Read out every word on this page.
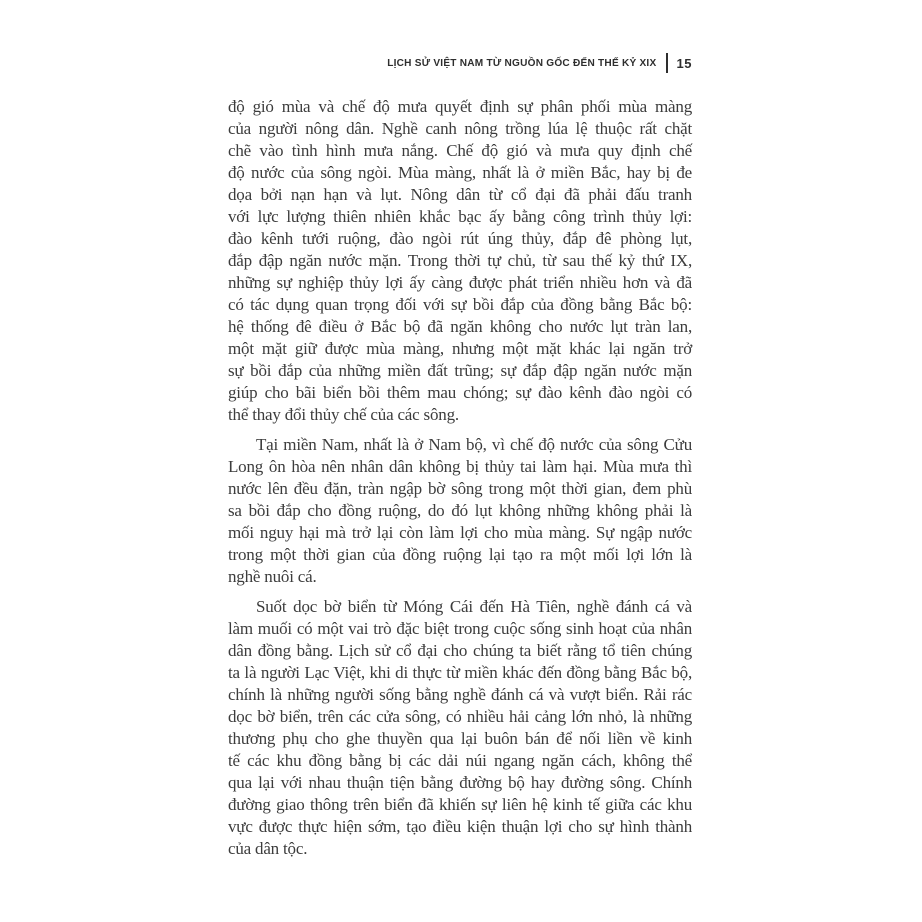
LỊCH SỬ VIỆT NAM TỪ NGUỒN GỐC ĐẾN THẾ KỶ XIX 15
độ gió mùa và chế độ mưa quyết định sự phân phối mùa màng
của người nông dân. Nghề canh nông trồng lúa lệ thuộc rất chặt
chẽ vào tình hình mưa nắng. Chế độ gió và mưa quy định chế
độ nước của sông ngòi. Mùa màng, nhất là ở miền Bắc, hay bị đe
dọa bởi nạn hạn và lụt. Nông dân từ cổ đại đã phải đấu tranh
với lực lượng thiên nhiên khắc bạc ấy bằng công trình thủy lợi:
đào kênh tưới ruộng, đào ngòi rút úng thủy, đắp đê phòng lụt,
đắp đập ngăn nước mặn. Trong thời tự chủ, từ sau thế kỷ thứ IX,
những sự nghiệp thủy lợi ấy càng được phát triển nhiều hơn và đã
có tác dụng quan trọng đối với sự bồi đắp của đồng bằng Bắc bộ:
hệ thống đê điều ở Bắc bộ đã ngăn không cho nước lụt tràn lan,
một mặt giữ được mùa màng, nhưng một mặt khác lại ngăn trở
sự bồi đắp của những miền đất trũng; sự đắp đập ngăn nước mặn
giúp cho bãi biển bồi thêm mau chóng; sự đào kênh đào ngòi có
thể thay đổi thủy chế của các sông.
Tại miền Nam, nhất là ở Nam bộ, vì chế độ nước của sông Cửu
Long ôn hòa nên nhân dân không bị thủy tai làm hại. Mùa mưa thì
nước lên đều đặn, tràn ngập bờ sông trong một thời gian, đem phù
sa bồi đắp cho đồng ruộng, do đó lụt không những không phải là
mối nguy hại mà trở lại còn làm lợi cho mùa màng. Sự ngập nước
trong một thời gian của đồng ruộng lại tạo ra một mối lợi lớn là
nghề nuôi cá.
Suốt dọc bờ biển từ Móng Cái đến Hà Tiên, nghề đánh cá và
làm muối có một vai trò đặc biệt trong cuộc sống sinh hoạt của nhân
dân đồng bằng. Lịch sử cổ đại cho chúng ta biết rằng tổ tiên chúng
ta là người Lạc Việt, khi di thực từ miền khác đến đồng bằng Bắc bộ,
chính là những người sống bằng nghề đánh cá và vượt biển. Rải rác
dọc bờ biển, trên các cửa sông, có nhiều hải cảng lớn nhỏ, là những
thương phụ cho ghe thuyền qua lại buôn bán để nối liền về kinh
tế các khu đồng bằng bị các dải núi ngang ngăn cách, không thể
qua lại với nhau thuận tiện bằng đường bộ hay đường sông. Chính
đường giao thông trên biển đã khiến sự liên hệ kinh tế giữa các khu
vực được thực hiện sớm, tạo điều kiện thuận lợi cho sự hình thành
của dân tộc.
